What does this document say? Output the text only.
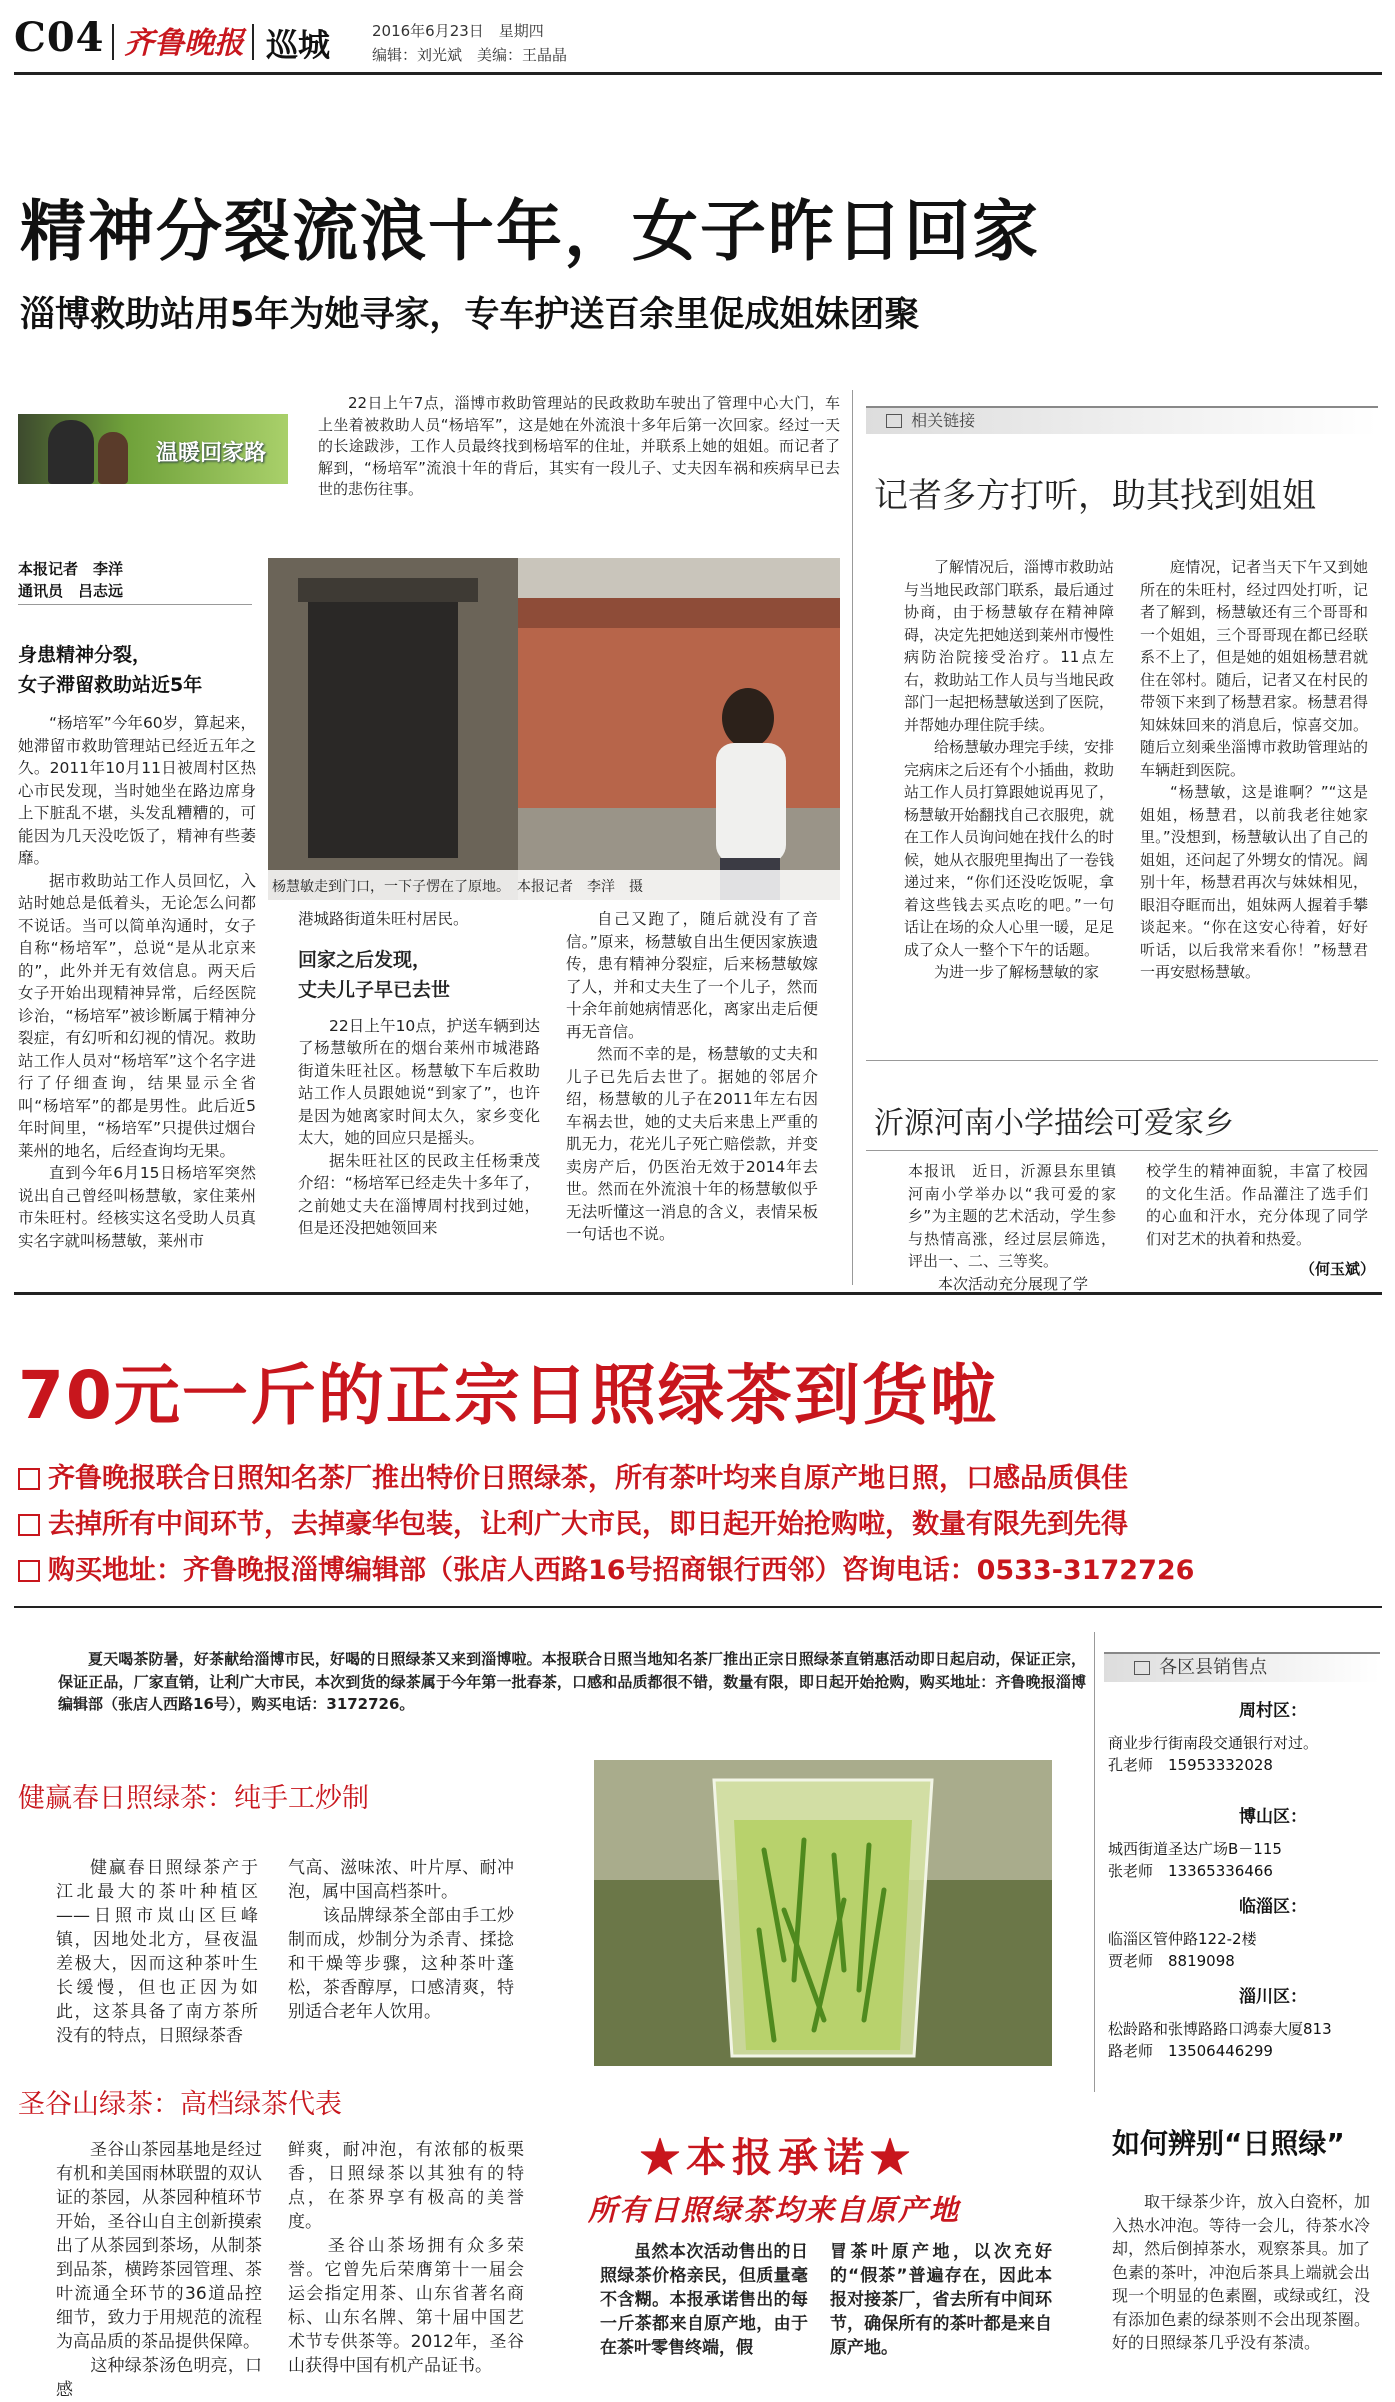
C04 齐鲁晚报 巡城	2016年6月23日　星期四
编辑：刘光斌　美编：王晶晶
精神分裂流浪十年，女子昨日回家
淄博救助站用5年为她寻家，专车护送百余里促成姐妹团聚
温暖回家路

22日上午7点，淄博市救助管理站的民政救助车驶出了管理中心大门，车上坐着被救助人员“杨培军”，这是她在外流浪十多年后第一次回家。经过一天的长途跋涉，工作人员最终找到杨培军的住址，并联系上她的姐姐。而记者了解到，“杨培军”流浪十年的背后，其实有一段儿子、丈夫因车祸和疾病早已去世的悲伤往事。

本报记者　李洋
通讯员　吕志远
身患精神分裂，
女子滞留救助站近5年

“杨培军”今年60岁，算起来，她滞留市救助管理站已经近五年之久。2011年10月11日被周村区热心市民发现，当时她坐在路边席身上下脏乱不堪，头发乱糟糟的，可能因为几天没吃饭了，精神有些萎靡。

据市救助站工作人员回忆，入站时她总是低着头，无论怎么问都不说话。当可以简单沟通时，女子自称“杨培军”，总说“是从北京来的”，此外并无有效信息。两天后女子开始出现精神异常，后经医院诊治，“杨培军”被诊断属于精神分裂症，有幻听和幻视的情况。救助站工作人员对“杨培军”这个名字进行了仔细查询，结果显示全省叫“杨培军”的都是男性。此后近5年时间里，“杨培军”只提供过烟台莱州的地名，后经查询均无果。

直到今年6月15日杨培军突然说出自己曾经叫杨慧敏，家住莱州市朱旺村。经核实这名受助人员真实名字就叫杨慧敏，莱州市

杨慧敏走到门口，一下子愣在了原地。　本报记者　李洋　摄
港城路街道朱旺村居民。
回家之后发现，
丈夫儿子早已去世

22日上午10点，护送车辆到达了杨慧敏所在的烟台莱州市城港路街道朱旺社区。杨慧敏下车后救助站工作人员跟她说“到家了”，也许是因为她离家时间太久，家乡变化太大，她的回应只是摇头。

据朱旺社区的民政主任杨秉茂介绍：“杨培军已经走失十多年了，之前她丈夫在淄博周村找到过她，但是还没把她领回来

自己又跑了，随后就没有了音信。”原来，杨慧敏自出生便因家族遗传，患有精神分裂症，后来杨慧敏嫁了人，并和丈夫生了一个儿子，然而十余年前她病情恶化，离家出走后便再无音信。

然而不幸的是，杨慧敏的丈夫和儿子已先后去世了。据她的邻居介绍，杨慧敏的儿子在2011年左右因车祸去世，她的丈夫后来患上严重的肌无力，花光儿子死亡赔偿款，并变卖房产后，仍医治无效于2014年去世。然而在外流浪十年的杨慧敏似乎无法听懂这一消息的含义，表情呆板一句话也不说。

相关链接
记者多方打听，助其找到姐姐

了解情况后，淄博市救助站与当地民政部门联系，最后通过协商，由于杨慧敏存在精神障碍，决定先把她送到莱州市慢性病防治院接受治疗。11点左右，救助站工作人员与当地民政部门一起把杨慧敏送到了医院，并帮她办理住院手续。

给杨慧敏办理完手续，安排完病床之后还有个小插曲，救助站工作人员打算跟她说再见了，杨慧敏开始翻找自己衣服兜，就在工作人员询问她在找什么的时候，她从衣服兜里掏出了一卷钱递过来，“你们还没吃饭呢，拿着这些钱去买点吃的吧。”一句话让在场的众人心里一暖，足足成了众人一整个下午的话题。

为进一步了解杨慧敏的家

庭情况，记者当天下午又到她所在的朱旺村，经过四处打听，记者了解到，杨慧敏还有三个哥哥和一个姐姐，三个哥哥现在都已经联系不上了，但是她的姐姐杨慧君就住在邻村。随后，记者又在村民的带领下来到了杨慧君家。杨慧君得知妹妹回来的消息后，惊喜交加。随后立刻乘坐淄博市救助管理站的车辆赶到医院。

“杨慧敏，这是谁啊？”“这是姐姐，杨慧君，以前我老往她家里。”没想到，杨慧敏认出了自己的姐姐，还问起了外甥女的情况。阔别十年，杨慧君再次与妹妹相见，眼泪夺眶而出，姐妹两人握着手攀谈起来。“你在这安心待着，好好听话，以后我常来看你！”杨慧君一再安慰杨慧敏。

沂源河南小学描绘可爱家乡
本报讯　近日，沂源县东里镇河南小学举办以“我可爱的家乡”为主题的艺术活动，学生参与热情高涨，经过层层筛选，评出一、二、三等奖。
　　本次活动充分展现了学
校学生的精神面貌，丰富了校园的文化生活。作品灌注了选手们的心血和汗水，充分体现了同学们对艺术的执着和热爱。
（何玉斌）
70元一斤的正宗日照绿茶到货啦
齐鲁晚报联合日照知名茶厂推出特价日照绿茶，所有茶叶均来自原产地日照，口感品质俱佳
去掉所有中间环节，去掉豪华包装，让利广大市民，即日起开始抢购啦，数量有限先到先得
购买地址：齐鲁晚报淄博编辑部（张店人西路16号招商银行西邻）咨询电话：0533-3172726

夏天喝茶防暑，好茶献给淄博市民，好喝的日照绿茶又来到淄博啦。本报联合日照当地知名茶厂推出正宗日照绿茶直销惠活动即日起启动，保证正宗，保证正品，厂家直销，让利广大市民，本次到货的绿茶属于今年第一批春茶，口感和品质都很不错，数量有限，即日起开始抢购，购买地址：齐鲁晚报淄博编辑部（张店人西路16号），购买电话：3172726。

健赢春日照绿茶：纯手工炒制

健赢春日照绿茶产于江北最大的茶叶种植区——日照市岚山区巨峰镇，因地处北方，昼夜温差极大，因而这种茶叶生长缓慢，但也正因为如此，这茶具备了南方茶所没有的特点，日照绿茶香

气高、滋味浓、叶片厚、耐冲泡，属中国高档茶叶。
　　该品牌绿茶全部由手工炒制而成，炒制分为杀青、揉捻和干燥等步骤，这种茶叶蓬松，茶香醇厚，口感清爽，特别适合老年人饮用。
圣谷山绿茶：高档绿茶代表
圣谷山茶园基地是经过有机和美国雨林联盟的双认证的茶园，从茶园种植环节开始，圣谷山自主创新摸索出了从茶园到茶场，从制茶到品茶，横跨茶园管理、茶叶流通全环节的36道品控细节，致力于用规范的流程为高品质的茶品提供保障。
　　这种绿茶汤色明亮，口感
鲜爽，耐冲泡，有浓郁的板栗香，日照绿茶以其独有的特点，在茶界享有极高的美誉度。
　　圣谷山茶场拥有众多荣誉。它曾先后荣膺第十一届会运会指定用茶、山东省著名商标、山东名牌、第十届中国艺术节专供茶等。2012年，圣谷山获得中国有机产品证书。
★本报承诺★
所有日照绿茶均来自原产地

虽然本次活动售出的日照绿茶价格亲民，但质量毫不含糊。本报承诺售出的每一斤茶都来自原产地，由于在茶叶零售终端，假

冒茶叶原产地，以次充好的“假茶”普遍存在，因此本报对接茶厂，省去所有中间环节，确保所有的茶叶都是来自原产地。
各区县销售点
周村区：
商业步行街南段交通银行对过。
孔老师　15953332028
博山区：
城西街道圣达广场B－115
张老师　13365336466
临淄区：
临淄区管仲路122-2楼
贾老师　8819098
淄川区：
松龄路和张博路路口鸿泰大厦813
路老师　13506446299
如何辨别“日照绿”

取干绿茶少许，放入白瓷杯，加入热水冲泡。等待一会儿，待茶水冷却，然后倒掉茶水，观察茶具。加了色素的茶叶，冲泡后茶具上端就会出现一个明显的色素圈，或绿或红，没有添加色素的绿茶则不会出现茶圈。好的日照绿茶几乎没有茶渍。
